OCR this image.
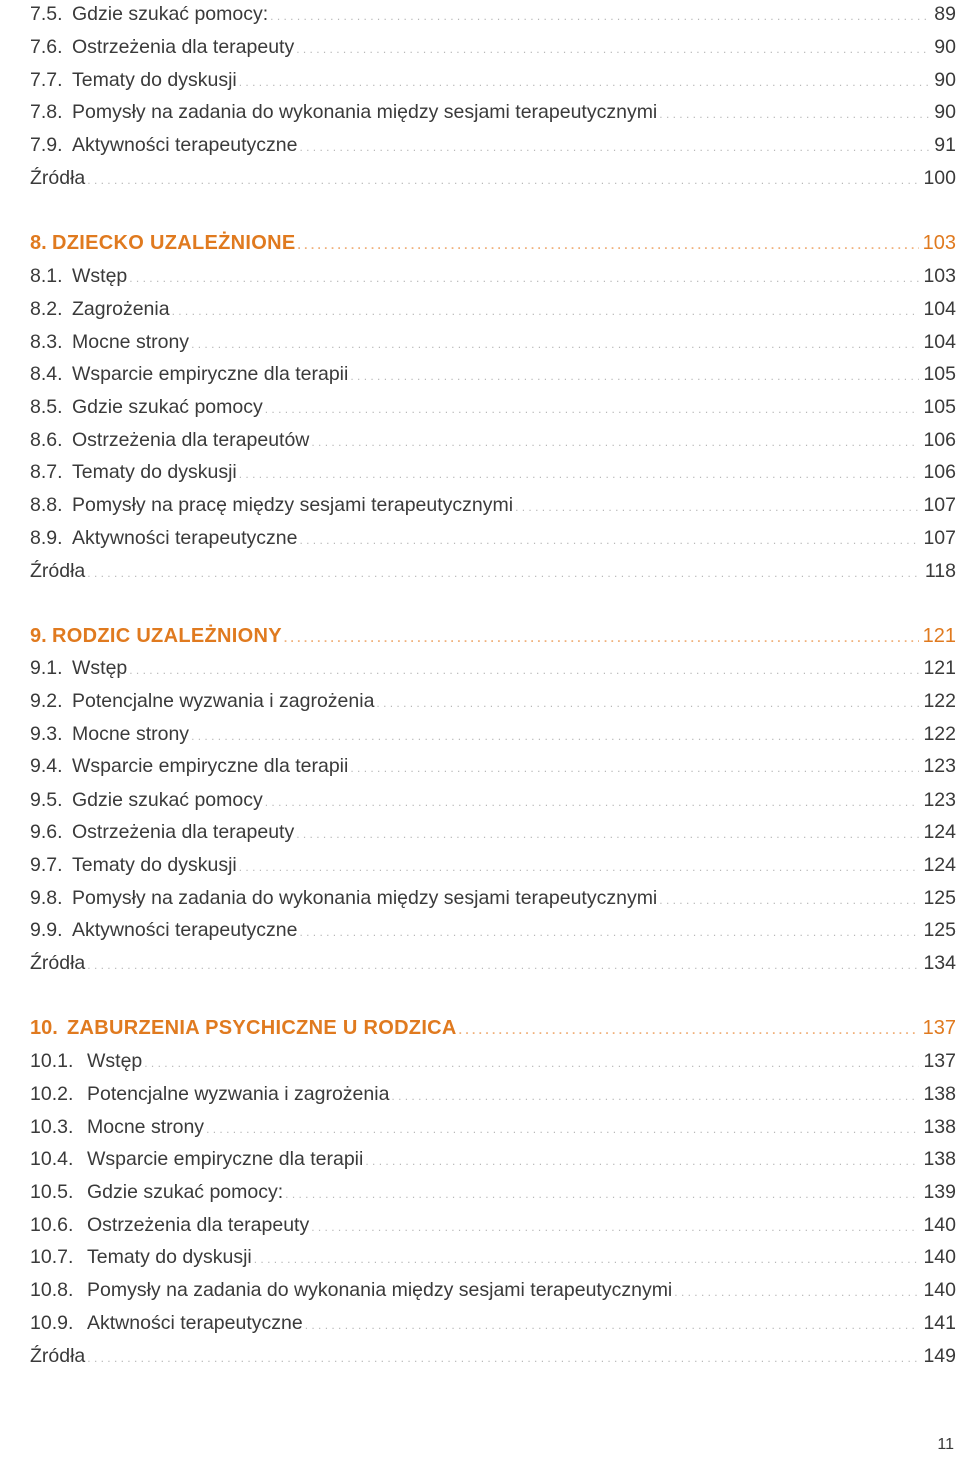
7.5. Gdzie szukać pomocy: . . .	89
7.6. Ostrzeżenia dla terapeuty . . .	90
7.7. Tematy do dyskusji . . .	90
7.8. Pomysły na zadania do wykonania między sesjami terapeutycznymi . . .	90
7.9. Aktywności terapeutyczne . . .	91
Źródła . . .	100
8. DZIECKO UZALEŻNIONE . . .	103
8.1. Wstęp . . .	103
8.2. Zagrożenia . . .	104
8.3. Mocne strony . . .	104
8.4. Wsparcie empiryczne dla terapii . . .	105
8.5. Gdzie szukać pomocy . . .	105
8.6. Ostrzeżenia dla terapeutów . . .	106
8.7. Tematy do dyskusji . . .	106
8.8. Pomysły na pracę między sesjami terapeutycznymi . . .	107
8.9. Aktywności terapeutyczne . . .	107
Źródła . . .	118
9. RODZIC UZALEŻNIONY . . .	121
9.1. Wstęp . . .	121
9.2. Potencjalne wyzwania i zagrożenia . . .	122
9.3. Mocne strony . . .	122
9.4. Wsparcie empiryczne dla terapii . . .	123
9.5. Gdzie szukać pomocy . . .	123
9.6. Ostrzeżenia dla terapeuty . . .	124
9.7. Tematy do dyskusji . . .	124
9.8. Pomysły na zadania do wykonania między sesjami terapeutycznymi . . .	125
9.9. Aktywności terapeutyczne . . .	125
Źródła . . .	134
10. ZABURZENIA PSYCHICZNE U RODZICA . . .	137
10.1. Wstęp . . .	137
10.2. Potencjalne wyzwania i zagrożenia . . .	138
10.3. Mocne strony . . .	138
10.4. Wsparcie empiryczne dla terapii . . .	138
10.5. Gdzie szukać pomocy: . . .	139
10.6. Ostrzeżenia dla terapeuty . . .	140
10.7. Tematy do dyskusji . . .	140
10.8. Pomysły na zadania do wykonania między sesjami terapeutycznymi . . .	140
10.9. Aktwności terapeutyczne . . .	141
Źródła . . .	149
11
